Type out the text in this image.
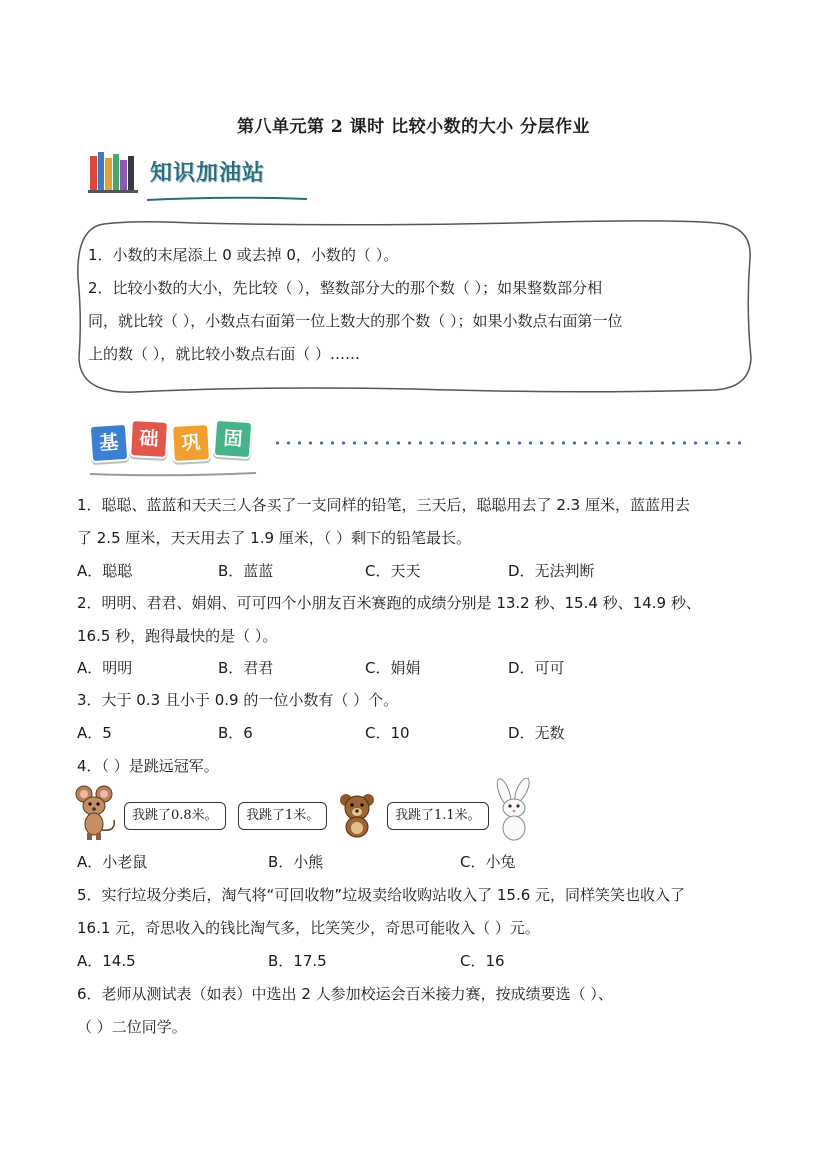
第八单元第 2 课时 比较小数的大小 分层作业
知识加油站
1．小数的末尾添上 0 或去掉 0，小数的（ ）。
2．比较小数的大小，先比较（ ），整数部分大的那个数（ ）；如果整数部分相
同，就比较（ ），小数点右面第一位上数大的那个数（ ）；如果小数点右面第一位
上的数（ ），就比较小数点右面（ ）……
基	础	巩	固
1．聪聪、蓝蓝和天天三人各买了一支同样的铅笔，三天后，聪聪用去了 2.3 厘米，蓝蓝用去
了 2.5 厘米，天天用去了 1.9 厘米，（ ）剩下的铅笔最长。
A．聪聪	B．蓝蓝	C．天天	D．无法判断
2．明明、君君、娟娟、可可四个小朋友百米赛跑的成绩分别是 13.2 秒、15.4 秒、14.9 秒、
16.5 秒，跑得最快的是（ ）。
A．明明	B．君君	C．娟娟	D．可可
3．大于 0.3 且小于 0.9 的一位小数有（ ）个。
A．5	B．6	C．10	D．无数
4．（ ）是跳远冠军。
我跳了0.8米。	我跳了1米。	我跳了1.1米。
A．小老鼠	B．小熊	C．小兔
5．实行垃圾分类后，淘气将“可回收物”垃圾卖给收购站收入了 15.6 元，同样笑笑也收入了
16.1 元，奇思收入的钱比淘气多，比笑笑少，奇思可能收入（ ）元。
A．14.5	B．17.5	C．16
6．老师从测试表（如表）中选出 2 人参加校运会百米接力赛，按成绩要选（ ）、
（ ）二位同学。
